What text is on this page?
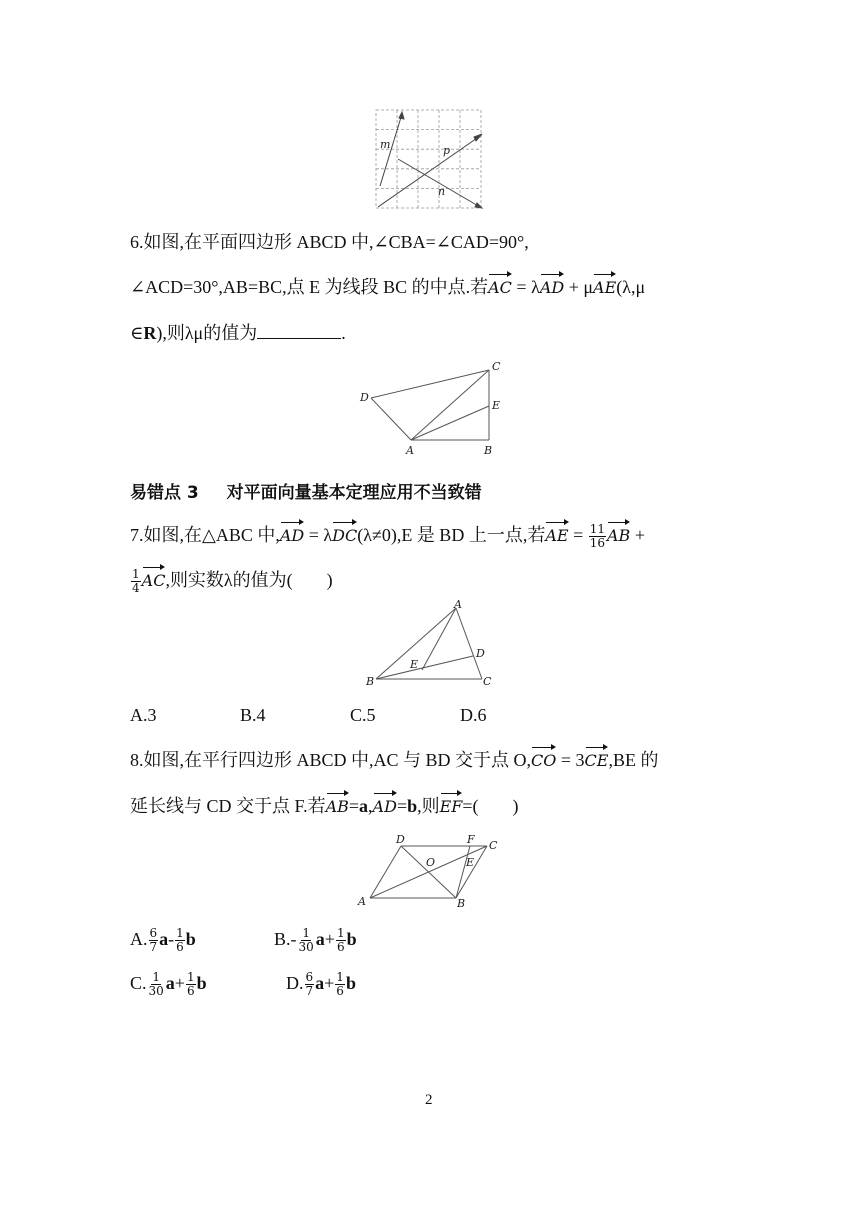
m	p
n
6.如图,在平面四边形 ABCD 中,∠CBA=∠CAD=90°,
∠ACD=30°,AB=BC,点 E 为线段 BC 的中点.若AC = λAD + μAE(λ,μ
∈R),则λμ的值为	.
D
C
E
A	B
易错点 3 对平面向量基本定理应用不当致错
7.如图,在△ABC 中,AD = λDC(λ≠0),E 是 BD 上一点,若AE = $\frac{11}{16}$ AB +
$\frac{1}{4}$ AC,则实数λ的值为( )
A
B	C
D
E
A.3	B.4	C.5	D.6
8.如图,在平行四边形 ABCD 中,AC 与 BD 交于点 O,CO = 3CE,BE 的
延长线与 CD 交于点 F.若AB=a,AD=b,则EF=( )
A	B
C
D
O	E
F
A. $\frac{6}{7} a- \frac{1}{6}$ b	$B.- \frac{1}{30} a+ \frac{1}{6}$ b
C. $\frac{1}{30} a+ \frac{1}{6}$ b	D. $\frac{6}{7} a+ \frac{1}{6}$ b
2
